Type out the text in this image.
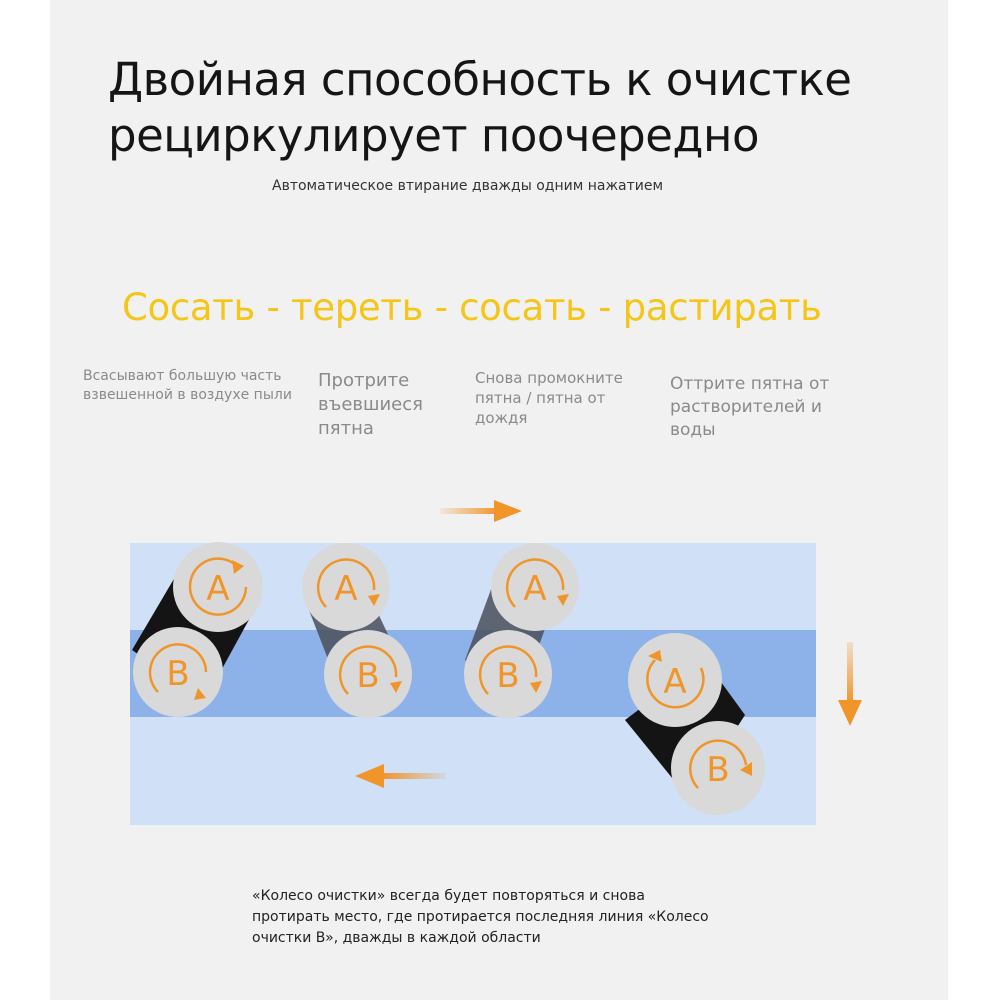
Двойная способность к очистке
рециркулирует поочередно

Автоматическое втирание дважды одним нажатием

Сосать - тереть - сосать - растирать

Всасывают большую часть взвешенной в воздухе пыли

Протрите въевшиеся пятна

Снова промокните пятна / пятна от дождя

Оттрите пятна от растворителей и воды

A
B
A
B
A
B	A
B

«Колесо очистки» всегда будет повторяться и снова протирать место, где протирается последняя линия «Колесо очистки B», дважды в каждой области
